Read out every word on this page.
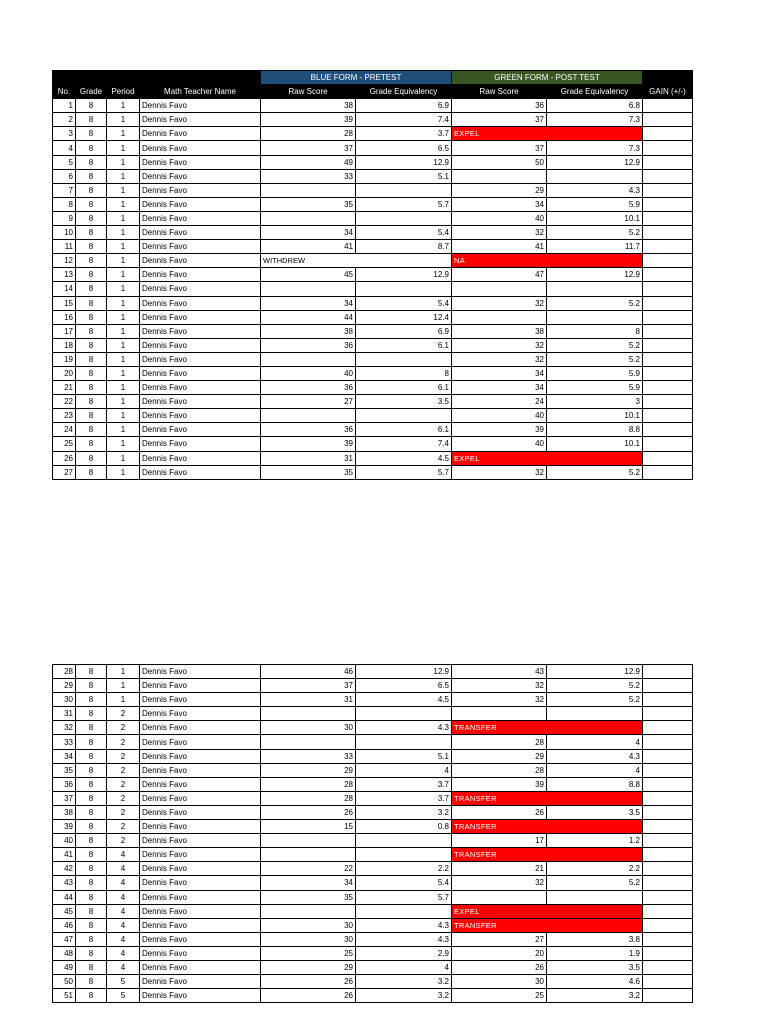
				BLUE FORM - PRETEST		GREEN FORM - POST TEST		
No.	Grade	Period	Math Teacher Name	Raw Score	Grade Equivalency	Raw Score	Grade Equivalency	GAIN (+/-)
1	8	1	Dennis Favo	38	6.9	36	6.8	
2	8	1	Dennis Favo	39	7.4	37	7.3	
3	8	1	Dennis Favo	28	3.7	EXPEL		
4	8	1	Dennis Favo	37	6.5	37	7.3	
5	8	1	Dennis Favo	49	12.9	50	12.9	
6	8	1	Dennis Favo	33	5.1			
7	8	1	Dennis Favo			29	4.3	
8	8	1	Dennis Favo	35	5.7	34	5.9	
9	8	1	Dennis Favo			40	10.1	
10	8	1	Dennis Favo	34	5.4	32	5.2	
11	8	1	Dennis Favo	41	8.7	41	11.7	
12	8	1	Dennis Favo	WITHDREW		NA		
13	8	1	Dennis Favo	45	12.9	47	12.9	
14	8	1	Dennis Favo					
15	8	1	Dennis Favo	34	5.4	32	5.2	
16	8	1	Dennis Favo	44	12.4			
17	8	1	Dennis Favo	38	6.9	38	8	
18	8	1	Dennis Favo	36	6.1	32	5.2	
19	8	1	Dennis Favo			32	5.2	
20	8	1	Dennis Favo	40	8	34	5.9	
21	8	1	Dennis Favo	36	6.1	34	5.9	
22	8	1	Dennis Favo	27	3.5	24	3	
23	8	1	Dennis Favo			40	10.1	
24	8	1	Dennis Favo	36	6.1	39	8.8	
25	8	1	Dennis Favo	39	7.4	40	10.1	
26	8	1	Dennis Favo	31	4.5	EXPEL		
27	8	1	Dennis Favo	35	5.7	32	5.2	
28	8	1	Dennis Favo	46	12.9	43	12.9	
29	8	1	Dennis Favo	37	6.5	32	5.2	
30	8	1	Dennis Favo	31	4.5	32	5.2	
31	8	2	Dennis Favo					
32	8	2	Dennis Favo	30	4.3	TRANSFER		
33	8	2	Dennis Favo			28	4	
34	8	2	Dennis Favo	33	5.1	29	4.3	
35	8	2	Dennis Favo	29	4	28	4	
36	8	2	Dennis Favo	28	3.7	39	8.8	
37	8	2	Dennis Favo	28	3.7	TRANSFER		
38	8	2	Dennis Favo	26	3.2	26	3.5	
39	8	2	Dennis Favo	15	0.8	TRANSFER		
40	8	2	Dennis Favo			17	1.2	
41	8	4	Dennis Favo			TRANSFER		
42	8	4	Dennis Favo	22	2.2	21	2.2	
43	8	4	Dennis Favo	34	5.4	32	5.2	
44	8	4	Dennis Favo	35	5.7			
45	8	4	Dennis Favo			EXPEL		
46	8	4	Dennis Favo	30	4.3	TRANSFER		
47	8	4	Dennis Favo	30	4.3	27	3.8	
48	8	4	Dennis Favo	25	2.9	20	1.9	
49	8	4	Dennis Favo	29	4	26	3.5	
50	8	5	Dennis Favo	26	3.2	30	4.6	
51	8	5	Dennis Favo	26	3.2	25	3.2	
